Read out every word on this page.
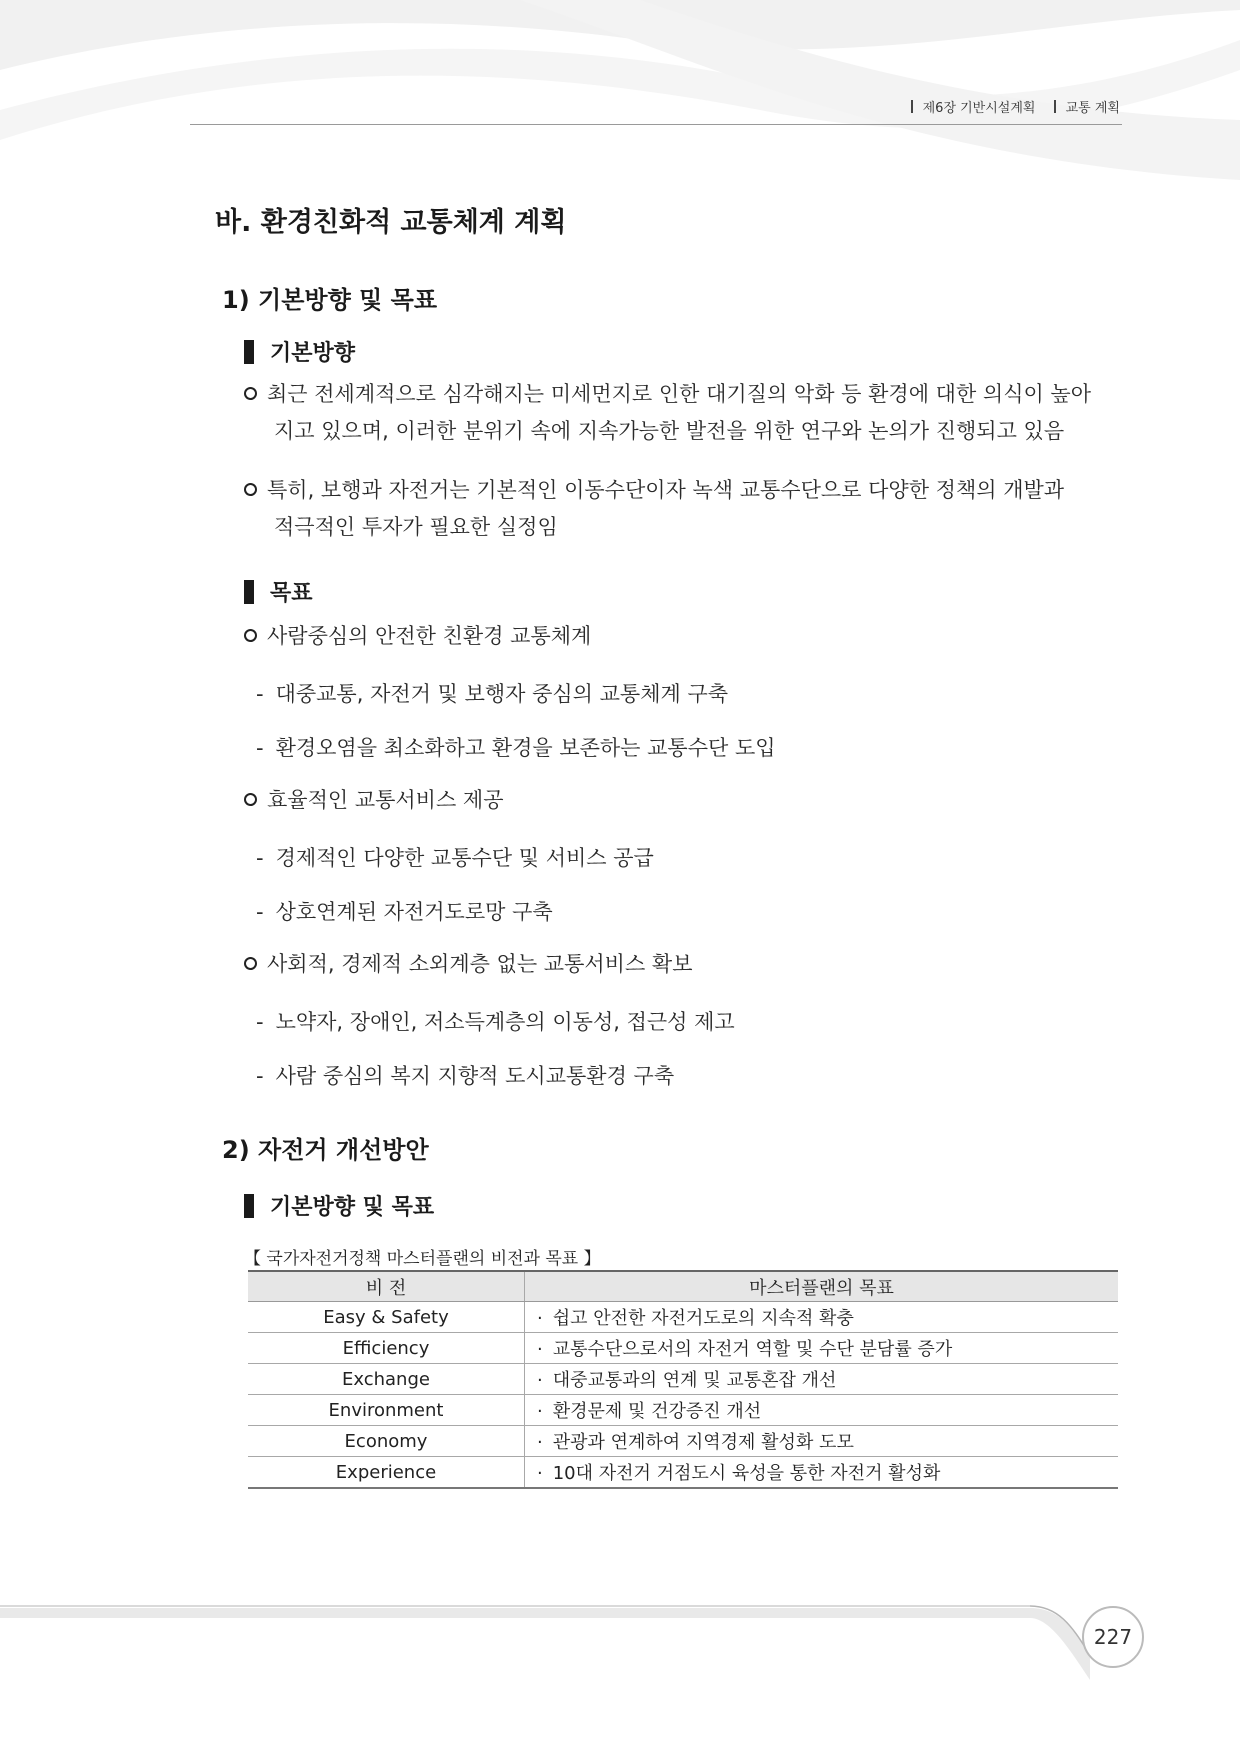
제6장 기반시설계획 교통 계획
바. 환경친화적 교통체계 계획
1) 기본방향 및 목표
기본방향
최근 전세계적으로 심각해지는 미세먼지로 인한 대기질의 악화 등 환경에 대한 의식이 높아
지고 있으며, 이러한 분위기 속에 지속가능한 발전을 위한 연구와 논의가 진행되고 있음
특히, 보행과 자전거는 기본적인 이동수단이자 녹색 교통수단으로 다양한 정책의 개발과
적극적인 투자가 필요한 실정임
목표
사람중심의 안전한 친환경 교통체계
- 대중교통, 자전거 및 보행자 중심의 교통체계 구축
- 환경오염을 최소화하고 환경을 보존하는 교통수단 도입
효율적인 교통서비스 제공
- 경제적인 다양한 교통수단 및 서비스 공급
- 상호연계된 자전거도로망 구축
사회적, 경제적 소외계층 없는 교통서비스 확보
- 노약자, 장애인, 저소득계층의 이동성, 접근성 제고
- 사람 중심의 복지 지향적 도시교통환경 구축
2) 자전거 개선방안
기본방향 및 목표
【 국가자전거정책 마스터플랜의 비전과 목표 】
비 전	마스터플랜의 목표
Easy & Safety	· 쉽고 안전한 자전거도로의 지속적 확충
Efficiency	· 교통수단으로서의 자전거 역할 및 수단 분담률 증가
Exchange	· 대중교통과의 연계 및 교통혼잡 개선
Environment	· 환경문제 및 건강증진 개선
Economy	· 관광과 연계하여 지역경제 활성화 도모
Experience	· 10대 자전거 거점도시 육성을 통한 자전거 활성화
227
